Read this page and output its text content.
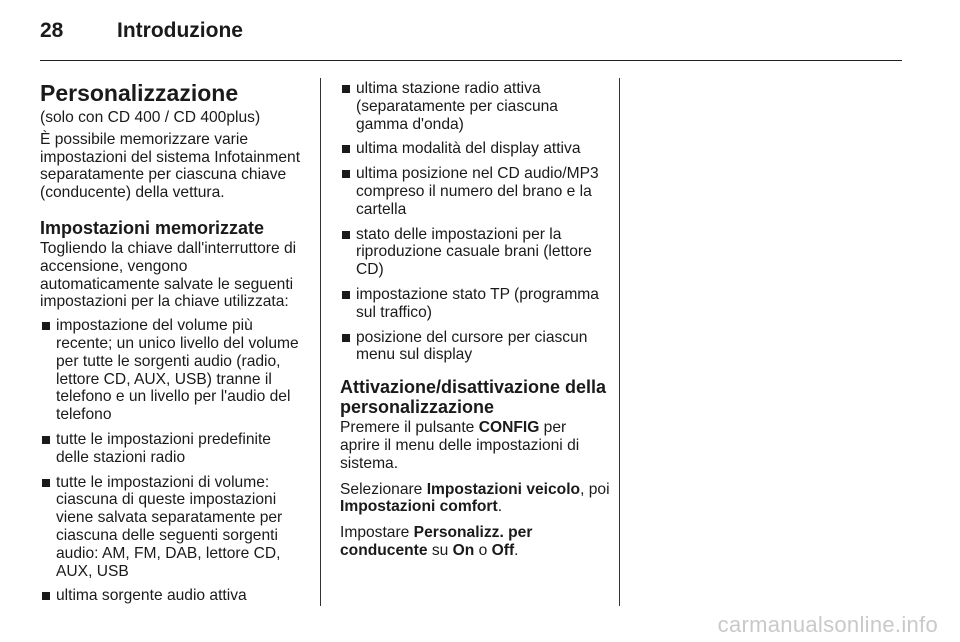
28	Introduzione
Personalizzazione

(solo con CD 400 / CD 400plus)

È possibile memorizzare varie impostazioni del sistema Infotainment separatamente per ciascuna chiave (conducente) della vettura.

Impostazioni memorizzate

Togliendo la chiave dall'interruttore di accensione, vengono automaticamente salvate le seguenti impostazioni per la chiave utilizzata:

impostazione del volume più recente; un unico livello del volume per tutte le sorgenti audio (radio, lettore CD, AUX, USB) tranne il telefono e un livello per l'audio del telefono
tutte le impostazioni predefinite delle stazioni radio
tutte le impostazioni di volume: ciascuna di queste impostazioni viene salvata separatamente per ciascuna delle seguenti sorgenti audio: AM, FM, DAB, lettore CD, AUX, USB
ultima sorgente audio attiva
ultima stazione radio attiva (separatamente per ciascuna gamma d'onda)
ultima modalità del display attiva
ultima posizione nel CD audio/MP3 compreso il numero del brano e la cartella
stato delle impostazioni per la riproduzione casuale brani (lettore CD)
impostazione stato TP (programma sul traffico)
posizione del cursore per ciascun menu sul display
Attivazione/disattivazione della personalizzazione

Premere il pulsante CONFIG per aprire il menu delle impostazioni di sistema.

Selezionare Impostazioni veicolo, poi Impostazioni comfort.

Impostare Personalizz. per conducente su On o Off.

carmanualsonline.info
